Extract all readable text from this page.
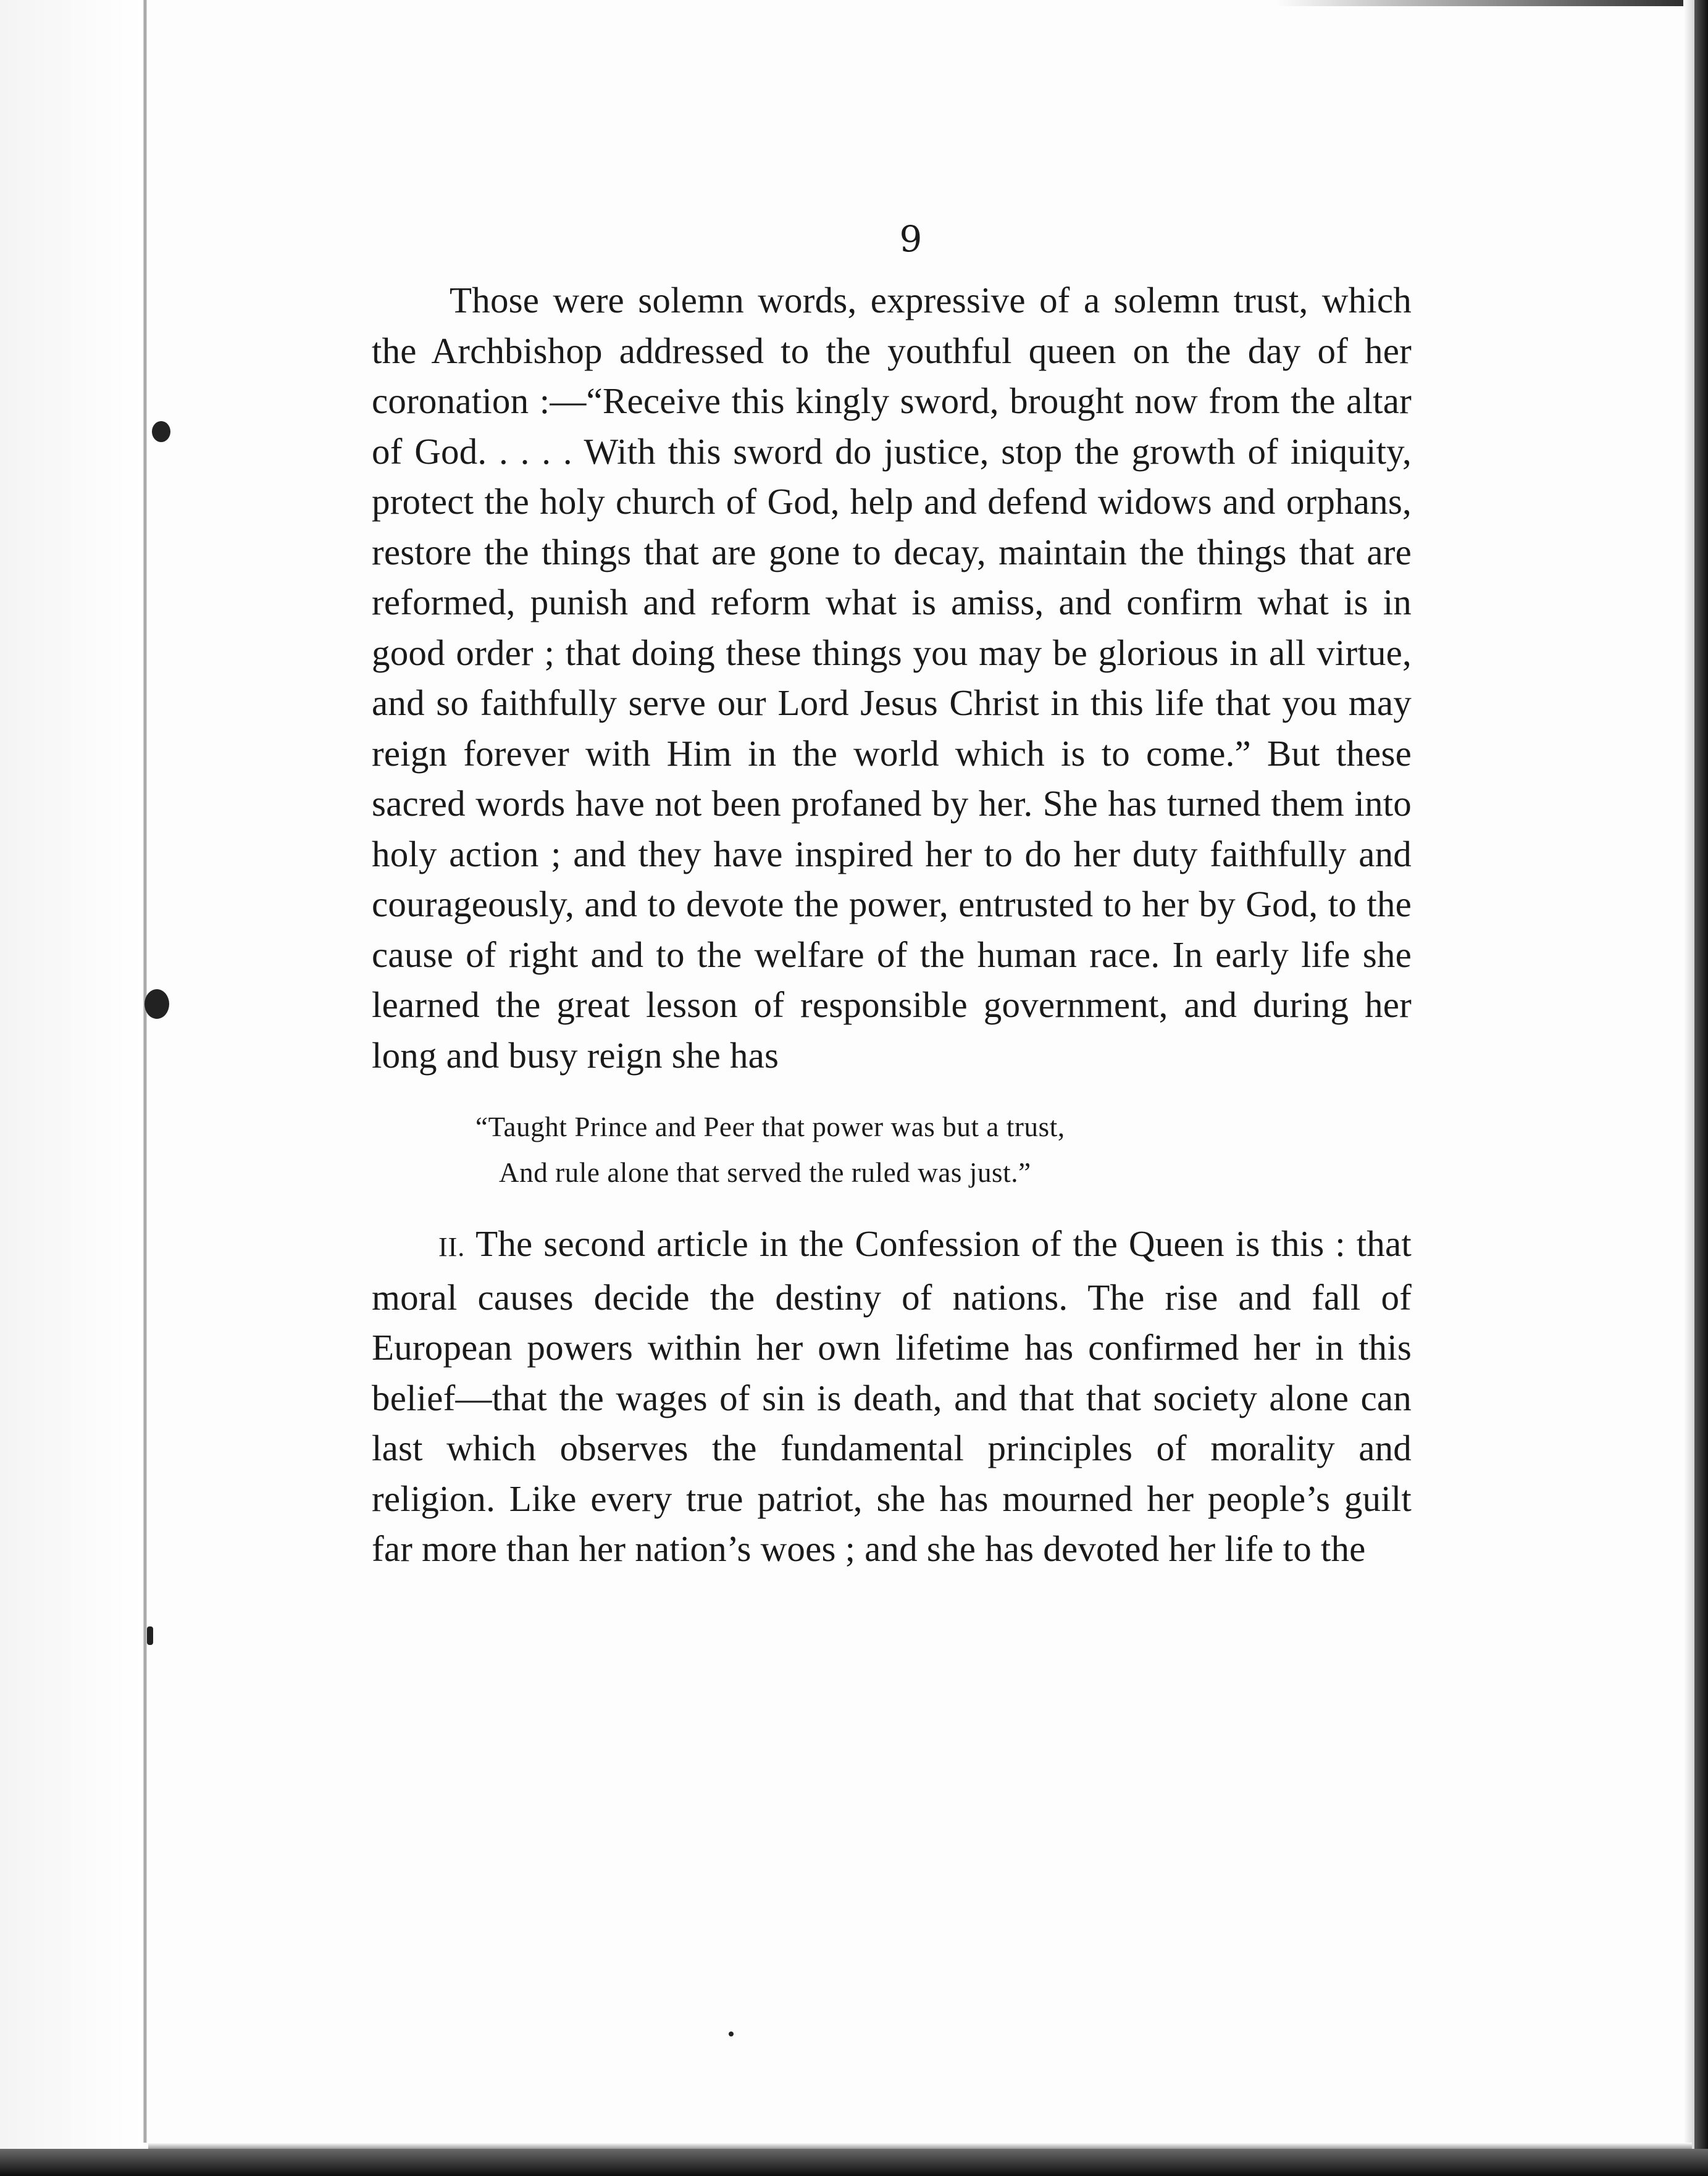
9

Those were solemn words, expressive of a solemn trust, which the Archbishop addressed to the youthful queen on the day of her coronation :—“Receive this kingly sword, brought now from the altar of God. . . . . With this sword do justice, stop the growth of iniquity, protect the holy church of God, help and defend widows and orphans, restore the things that are gone to decay, maintain the things that are reformed, punish and reform what is amiss, and confirm what is in good order ; that doing these things you may be glorious in all virtue, and so faithfully serve our Lord Jesus Christ in this life that you may reign forever with Him in the world which is to come.” But these sacred words have not been profaned by her. She has turned them into holy action ; and they have inspired her to do her duty faithfully and courageously, and to devote the power, entrusted to her by God, to the cause of right and to the welfare of the human race. In early life she learned the great lesson of responsible government, and during her long and busy reign she has

“Taught Prince and Peer that power was but a trust,
And rule alone that served the ruled was just.”

II. The second article in the Confession of the Queen is this : that moral causes decide the destiny of nations. The rise and fall of European powers within her own lifetime has confirmed her in this belief—that the wages of sin is death, and that that society alone can last which observes the fundamental principles of morality and religion. Like every true patriot, she has mourned her people’s guilt far more than her nation’s woes ; and she has devoted her life to the
